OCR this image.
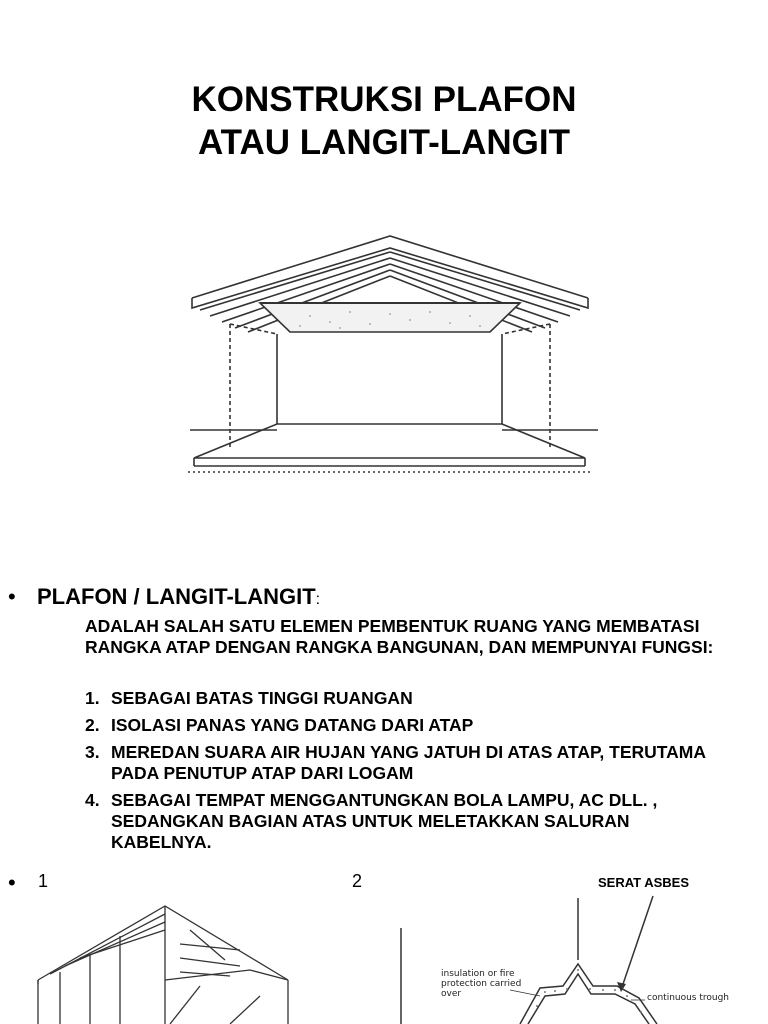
KONSTRUKSI PLAFON
ATAU LANGIT-LANGIT
• PLAFON / LANGIT-LANGIT:
ADALAH SALAH SATU ELEMEN PEMBENTUK RUANG YANG MEMBATASI RANGKA ATAP DENGAN RANGKA BANGUNAN, DAN MEMPUNYAI FUNGSI:
1. SEBAGAI BATAS TINGGI RUANGAN
2. ISOLASI PANAS YANG DATANG DARI ATAP
3. MEREDAN SUARA AIR HUJAN YANG JATUH DI ATAS ATAP, TERUTAMA PADA PENUTUP ATAP DARI LOGAM
4. SEBAGAI TEMPAT MENGGANTUNGKAN BOLA LAMPU, AC DLL. , SEDANGKAN BAGIAN ATAS UNTUK MELETAKKAN SALURAN KABELNYA.
• 1	2	SERAT ASBES
insulation or fire
protection carried
over	continuous trough
